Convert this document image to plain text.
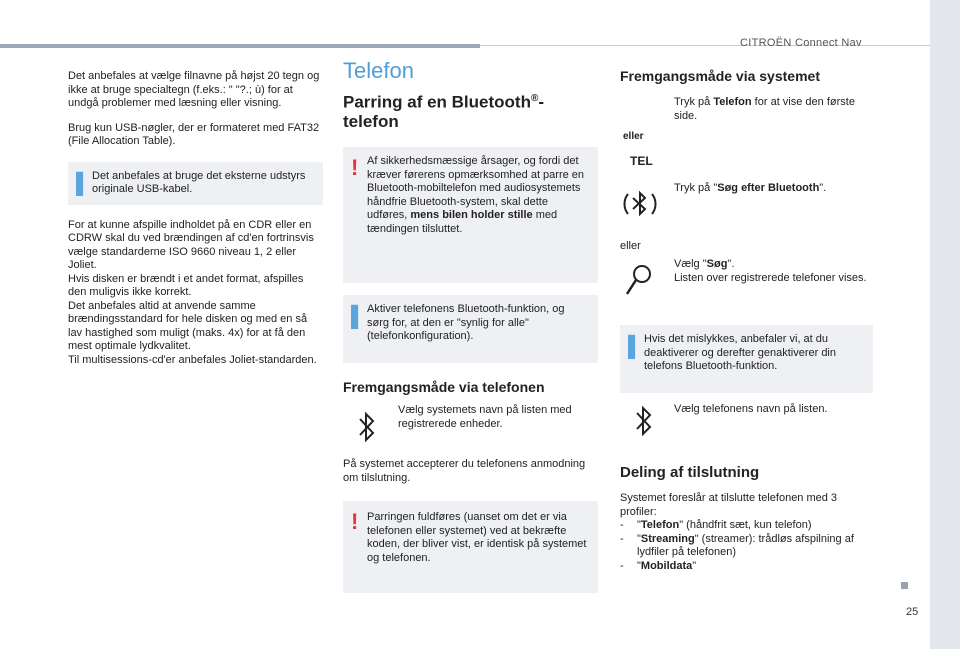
CITROËN Connect Nav
25

Det anbefales at vælge filnavne på højst 20 tegn og ikke at bruge specialtegn (f.eks.: " "?.; ù) for at undgå problemer med læsning eller visning.

Brug kun USB-nøgler, der er formateret med FAT32 (File Allocation Table).

▌ Det anbefales at bruge det eksterne udstyrs originale USB-kabel.

For at kunne afspille indholdet på en CDR eller en CDRW skal du ved brændingen af cd'en fortrinsvis vælge standarderne ISO 9660 niveau 1, 2 eller Joliet.
Hvis disken er brændt i et andet format, afspilles den muligvis ikke korrekt.
Det anbefales altid at anvende samme brændingsstandard for hele disken og med en så lav hastighed som muligt (maks. 4x) for at få den mest optimale lydkvalitet.
Til multisessions-cd'er anbefales Joliet-standarden.

Telefon
Parring af en Bluetooth®-telefon
! Af sikkerhedsmæssige årsager, og fordi det kræver førerens opmærksomhed at parre en Bluetooth-mobiltelefon med audiosystemets håndfrie Bluetooth-system, skal dette udføres, mens bilen holder stille med tændingen tilsluttet.
▌ Aktiver telefonens Bluetooth-funktion, og sørg for, at den er "synlig for alle" (telefonkonfiguration).
Fremgangsmåde via telefonen
Vælg systemets navn på listen med registrerede enheder.

På systemet accepterer du telefonens anmodning om tilslutning.

! Parringen fuldføres (uanset om det er via telefonen eller systemet) ved at bekræfte koden, der bliver vist, er identisk på systemet og telefonen.
Fremgangsmåde via systemet
eller
TEL
Tryk på Telefon for at vise den første side.
Tryk på "Søg efter Bluetooth".
eller
Vælg "Søg".
Listen over registrerede telefoner vises.
▌ Hvis det mislykkes, anbefaler vi, at du deaktiverer og derefter genaktiverer din telefons Bluetooth-funktion.
Vælg telefonens navn på listen.
Deling af tilslutning
Systemet foreslår at tilslutte telefonen med 3 profiler:
- "Telefon" (håndfrit sæt, kun telefon)
- "Streaming" (streamer): trådløs afspilning af lydfiler på telefonen)
- "Mobildata"
